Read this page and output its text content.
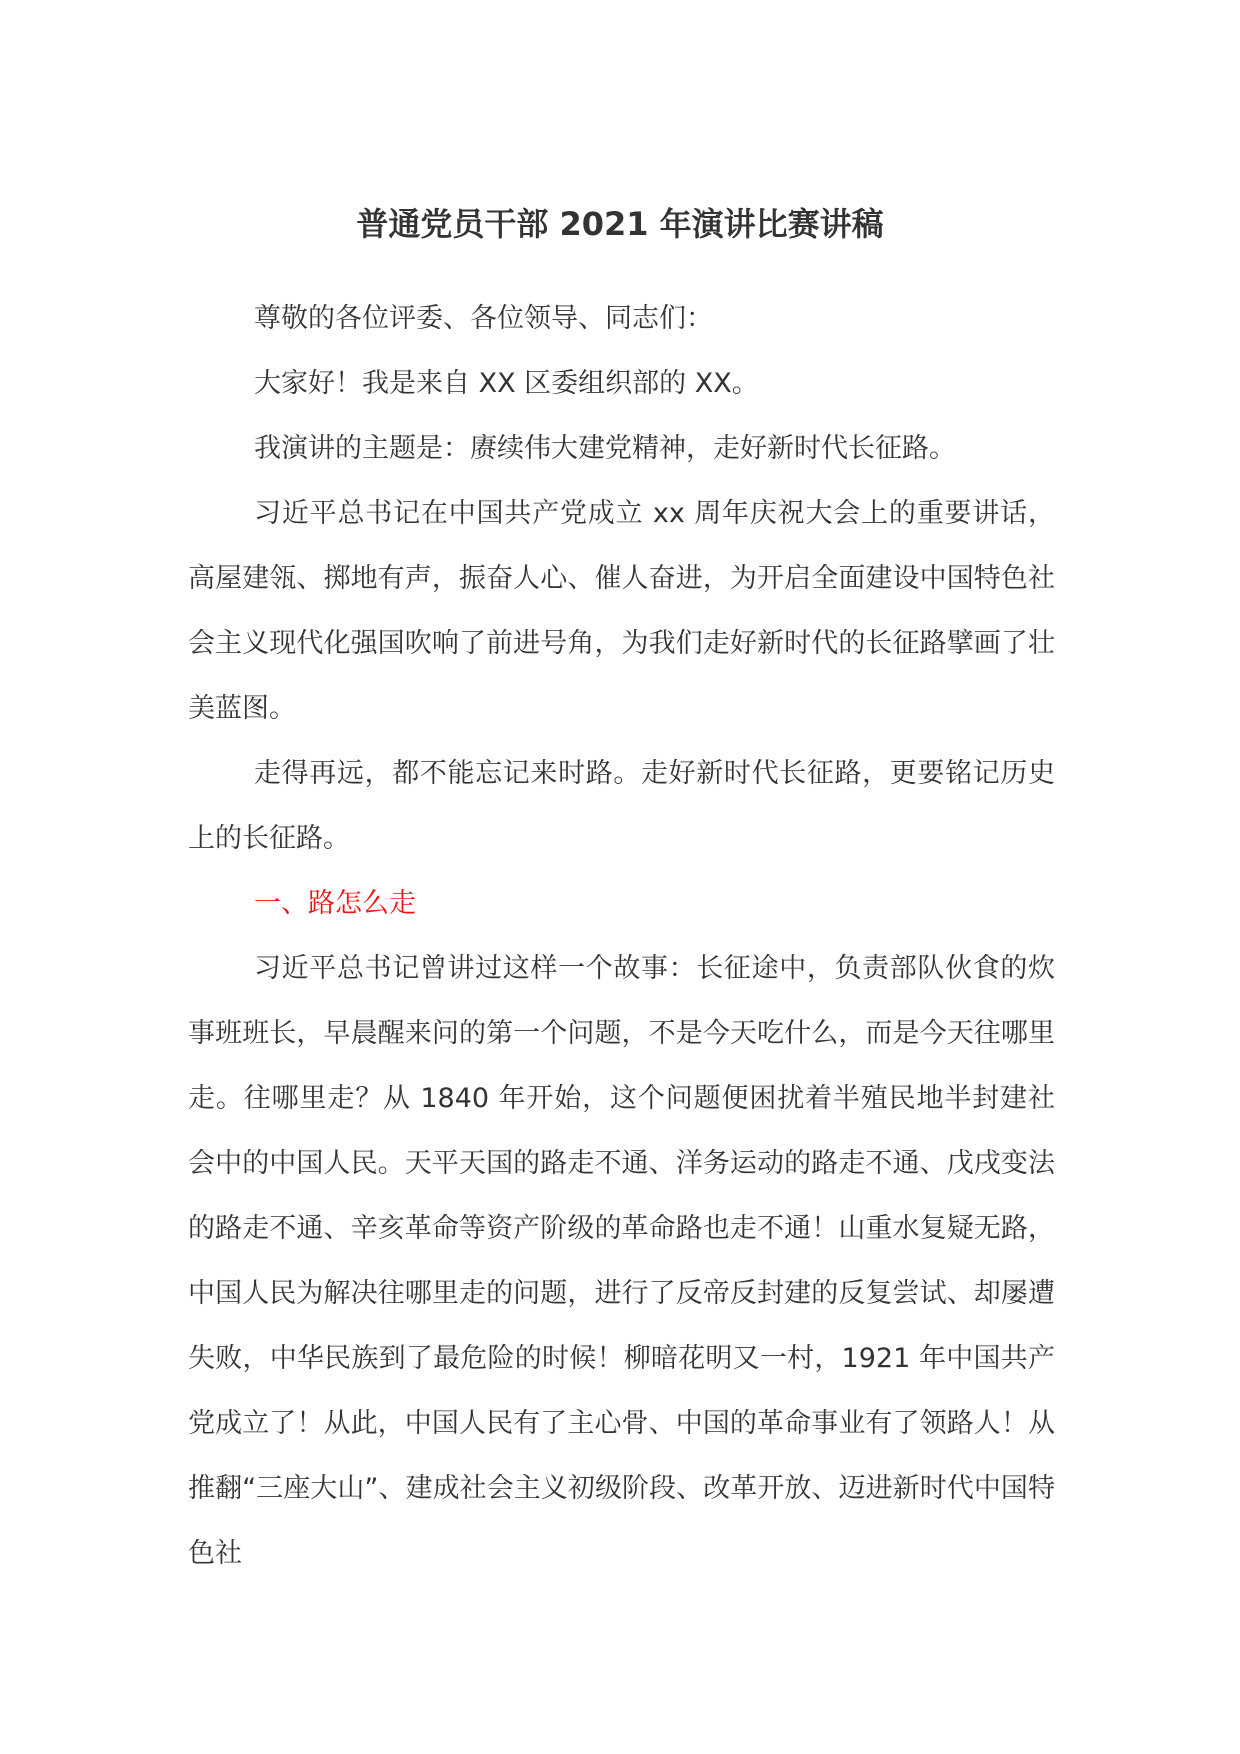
普通党员干部 2021 年演讲比赛讲稿

尊敬的各位评委、各位领导、同志们：

大家好！我是来自 XX 区委组织部的 XX。

我演讲的主题是：赓续伟大建党精神，走好新时代长征路。

习近平总书记在中国共产党成立 xx 周年庆祝大会上的重要讲话，高屋建瓴、掷地有声，振奋人心、催人奋进，为开启全面建设中国特色社会主义现代化强国吹响了前进号角，为我们走好新时代的长征路擘画了壮美蓝图。

走得再远，都不能忘记来时路。走好新时代长征路，更要铭记历史上的长征路。

一、路怎么走

习近平总书记曾讲过这样一个故事：长征途中，负责部队伙食的炊事班班长，早晨醒来问的第一个问题，不是今天吃什么，而是今天往哪里走。往哪里走？从 1840 年开始，这个问题便困扰着半殖民地半封建社会中的中国人民。天平天国的路走不通、洋务运动的路走不通、戊戌变法的路走不通、辛亥革命等资产阶级的革命路也走不通！山重水复疑无路，中国人民为解决往哪里走的问题，进行了反帝反封建的反复尝试、却屡遭失败，中华民族到了最危险的时候！柳暗花明又一村，1921 年中国共产党成立了！从此，中国人民有了主心骨、中国的革命事业有了领路人！从推翻“三座大山”、建成社会主义初级阶段、改革开放、迈进新时代中国特色社
